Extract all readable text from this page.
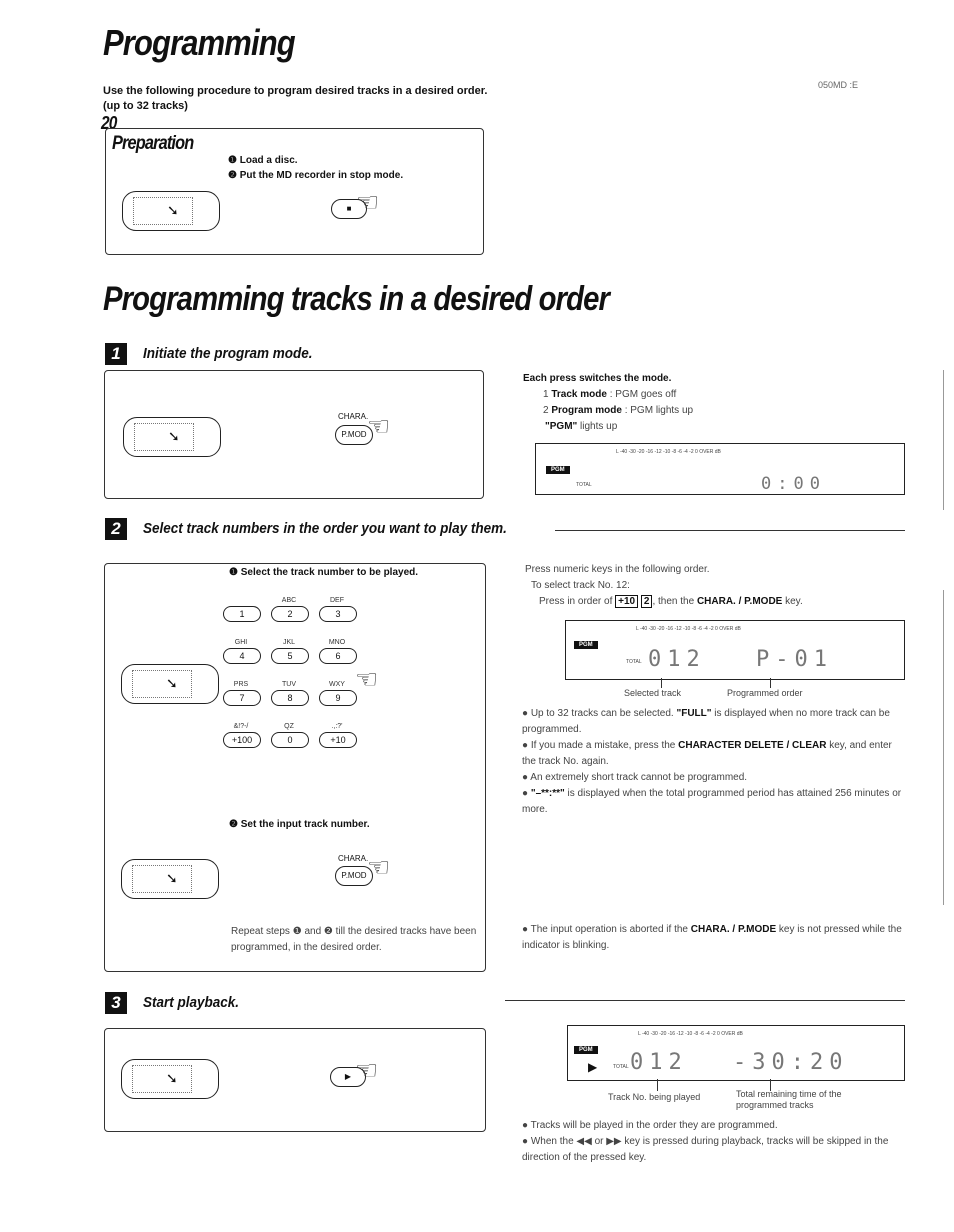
Programming
050MD :E
Use the following procedure to program desired tracks in a desired order. (up to 32 tracks)
20
Preparation
❶ Load a disc.
❷ Put the MD recorder in stop mode.
➘	■ ☜
Programming tracks in a desired order
1	Initiate the program mode.
➘
CHARA.
P.MOD ☜
Each press switches the mode.
1 Track mode : PGM goes off
2 Program mode : PGM lights up
"PGM" lights up
L -40 -30 -20 -16 -12 -10 -8 -6 -4 -2 0 OVER dB
PGM
TOTAL	0:00
2	Select track numbers in the order you want to play them.
❶ Select the track number to be played.
➘
1
ABC
2
DEF
3
GHI
4
JKL
5
MNO
6
PRS
7
TUV
8
WXY
9
&!?-/
+100
QZ
0
.,:?'
+10
☜
❷ Set the input track number.
➘
CHARA.
P.MOD ☜
Repeat steps ❶ and ❷ till the desired tracks have been programmed, in the desired order.
Press numeric keys in the following order.
To select track No. 12:
Press in order of +10 2 , then the CHARA. / P.MODE key.
L -40 -30 -20 -16 -12 -10 -8 -6 -4 -2 0 OVER dB
PGM
TOTAL 012 P-01
Selected track	Programmed order
● Up to 32 tracks can be selected. "FULL" is displayed when no more track can be programmed.
● If you made a mistake, press the CHARACTER DELETE / CLEAR key, and enter the track No. again.
● An extremely short track cannot be programmed.
● "–**:**" is displayed when the total programmed period has attained 256 minutes or more.
● The input operation is aborted if the CHARA. / P.MODE key is not pressed while the indicator is blinking.
3	Start playback.
➘	▶ ☜
L -40 -30 -20 -16 -12 -10 -8 -6 -4 -2 0 OVER dB
PGM
▶	TOTAL 012 -30:20
Track No. being played	Total remaining time of the programmed tracks
● Tracks will be played in the order they are programmed.
● When the ◀◀ or ▶▶ key is pressed during playback, tracks will be skipped in the direction of the pressed key.
